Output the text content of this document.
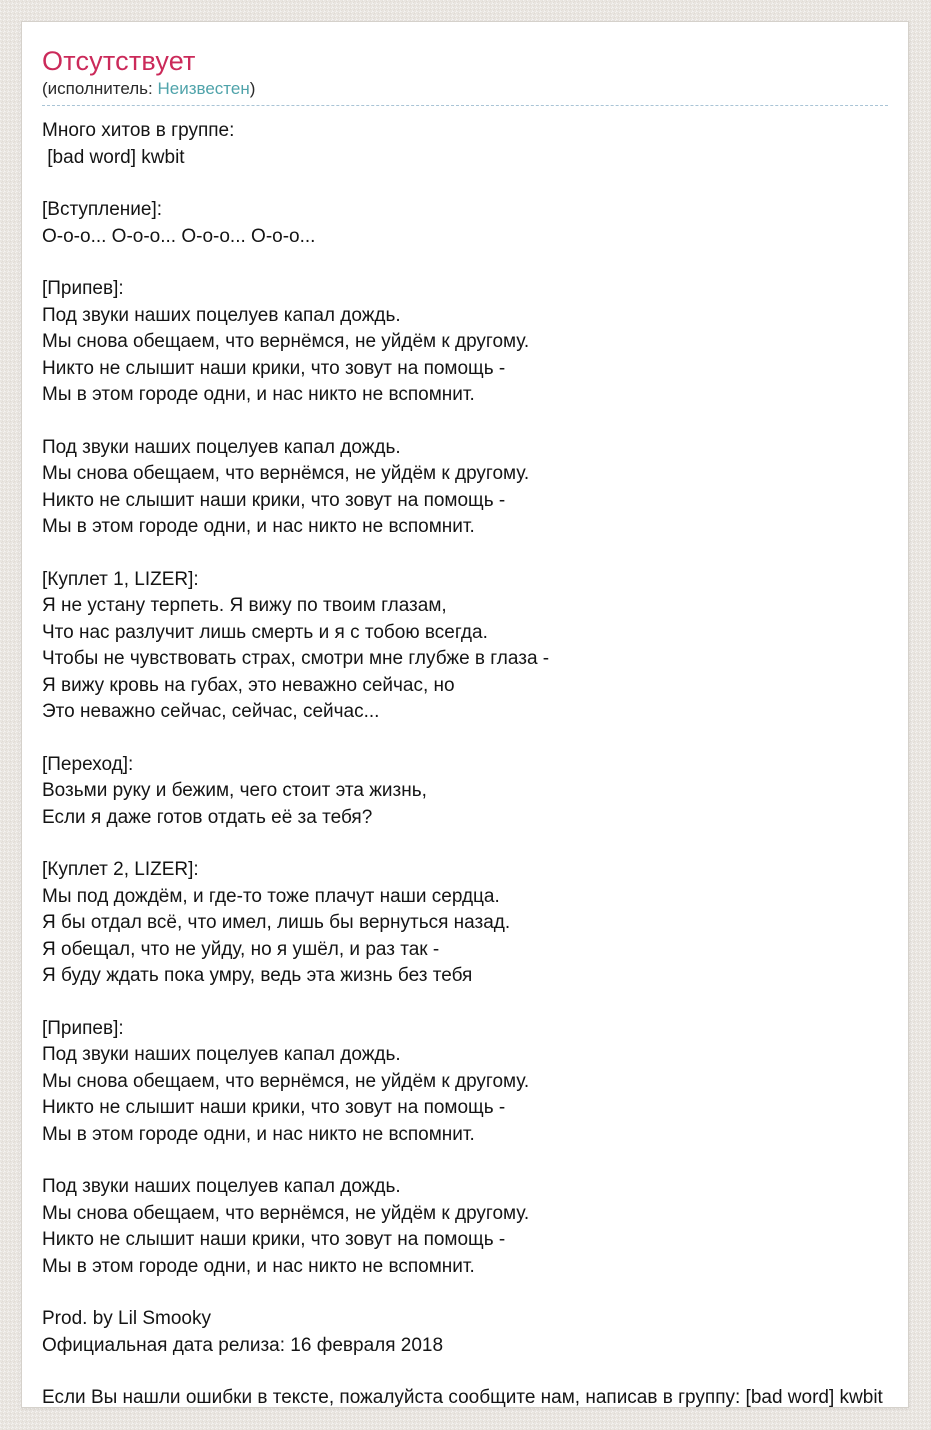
Отсутствует
(исполнитель: Неизвестен)

Много хитов в группе:
[bad word] kwbit

[Вступление]:
О-о-о... О-о-о... О-о-о... О-о-о...

[Припев]:
Под звуки наших поцелуев капал дождь.
Мы снова обещаем, что вернёмся, не уйдём к другому.
Никто не слышит наши крики, что зовут на помощь -
Мы в этом городе одни, и нас никто не вспомнит.

Под звуки наших поцелуев капал дождь.
Мы снова обещаем, что вернёмся, не уйдём к другому.
Никто не слышит наши крики, что зовут на помощь -
Мы в этом городе одни, и нас никто не вспомнит.

[Куплет 1, LIZER]:
Я не устану терпеть. Я вижу по твоим глазам,
Что нас разлучит лишь смерть и я с тобою всегда.
Чтобы не чувствовать страх, смотри мне глубже в глаза -
Я вижу кровь на губах, это неважно сейчас, но
Это неважно сейчас, сейчас, сейчас...

[Переход]:
Возьми руку и бежим, чего стоит эта жизнь,
Если я даже готов отдать её за тебя?

[Куплет 2, LIZER]:
Мы под дождём, и где-то тоже плачут наши сердца.
Я бы отдал всё, что имел, лишь бы вернуться назад.
Я обещал, что не уйду, но я ушёл, и раз так -
Я буду ждать пока умру, ведь эта жизнь без тебя

[Припев]:
Под звуки наших поцелуев капал дождь.
Мы снова обещаем, что вернёмся, не уйдём к другому.
Никто не слышит наши крики, что зовут на помощь -
Мы в этом городе одни, и нас никто не вспомнит.

Под звуки наших поцелуев капал дождь.
Мы снова обещаем, что вернёмся, не уйдём к другому.
Никто не слышит наши крики, что зовут на помощь -
Мы в этом городе одни, и нас никто не вспомнит.

Prod. by Lil Smooky
Официальная дата релиза: 16 февраля 2018

Если Вы нашли ошибки в тексте, пожалуйста сообщите нам, написав в группу: [bad word] kwbit
